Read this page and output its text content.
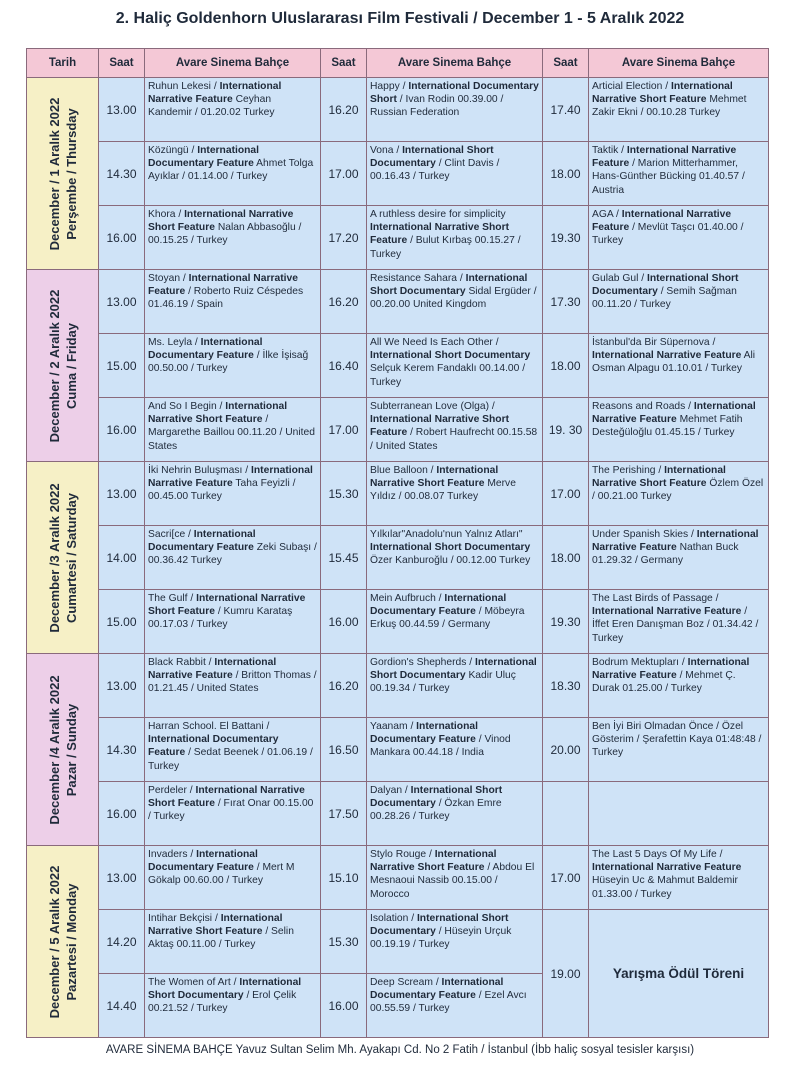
2. Haliç Goldenhorn Uluslararası Film Festivali / December 1 - 5 Aralık 2022
Tarih	Saat	Avare Sinema Bahçe	Saat	Avare Sinema Bahçe	Saat	Avare Sinema Bahçe

December / 1 Aralık 2022 Perşembe / Thursday	13.00	Ruhun Lekesi / International Narrative Feature Ceyhan Kandemir / 01.20.02 Turkey	16.20	Happy / International Documentary Short / Ivan Rodin 00.39.00 / Russian Federation	17.40	Articial Election / International Narrative Short Feature Mehmet Zakir Ekni / 00.10.28 Turkey
	14.30	Közüngü / International Documentary Feature Ahmet Tolga Ayıklar / 01.14.00 / Turkey	17.00	Vona / International Short Documentary / Clint Davis / 00.16.43 / Turkey	18.00	Taktik / International Narrative Feature / Marion Mitterhammer, Hans-Günther Bücking 01.40.57 / Austria
	16.00	Khora / International Narrative Short Feature Nalan Abbasoğlu / 00.15.25 / Turkey	17.20	A ruthless desire for simplicity International Narrative Short Feature / Bulut Kırbaş 00.15.27 / Turkey	19.30	AGA / International Narrative Feature / Mevlüt Taşcı 01.40.00 / Turkey

December / 2 Aralık 2022 Cuma / Friday	13.00	Stoyan / International Narrative Feature / Roberto Ruiz Céspedes 01.46.19 / Spain	16.20	Resistance Sahara / International Short Documentary Sidal Ergüder / 00.20.00 United Kingdom	17.30	Gulab Gul / International Short Documentary / Semih Sağman 00.11.20 / Turkey
	15.00	Ms. Leyla / International Documentary Feature / İlke İşisağ 00.50.00 / Turkey	16.40	All We Need Is Each Other / International Short Documentary Selçuk Kerem Fandaklı 00.14.00 / Turkey	18.00	İstanbul'da Bir Süpernova / International Narrative Feature Ali Osman Alpagu 01.10.01 / Turkey
	16.00	And So I Begin / International Narrative Short Feature / Margarethe Baillou 00.11.20 / United States	17.00	Subterranean Love (Olga) / International Narrative Short Feature / Robert Haufrecht 00.15.58 / United States	19. 30	Reasons and Roads / International Narrative Feature Mehmet Fatih Desteğüloğlu 01.45.15 / Turkey

December /3 Aralık 2022 Cumartesi / Saturday	13.00	İki Nehrin Buluşması / International Narrative Feature Taha Feyizli / 00.45.00 Turkey	15.30	Blue Balloon / International Narrative Short Feature Merve Yıldız / 00.08.07 Turkey	17.00	The Perishing / International Narrative Short Feature Özlem Özel / 00.21.00 Turkey
	14.00	Sacri[ce / International Documentary Feature Zeki Subaşı / 00.36.42 Turkey	15.45	Yılkılar"Anadolu'nun Yalnız Atları" International Short Documentary Özer Kanburoğlu / 00.12.00 Turkey	18.00	Under Spanish Skies / International Narrative Feature Nathan Buck 01.29.32 / Germany
	15.00	The Gulf / International Narrative Short Feature / Kumru Karataş 00.17.03 / Turkey	16.00	Mein Aufbruch / International Documentary Feature / Möbeyra Erkuş 00.44.59 / Germany	19.30	The Last Birds of Passage / International Narrative Feature / İffet Eren Danışman Boz / 01.34.42 / Turkey

December /4 Aralık 2022 Pazar / Sunday	13.00	Black Rabbit / International Narrative Feature / Britton Thomas / 01.21.45 / United States	16.20	Gordion's Shepherds / International Short Documentary Kadir Uluç 00.19.34 / Turkey	18.30	Bodrum Mektupları / International Narrative Feature / Mehmet Ç. Durak 01.25.00 / Turkey
	14.30	Harran School. El Battani / International Documentary Feature / Sedat Beenek / 01.06.19 / Turkey	16.50	Yaanam / International Documentary Feature / Vinod Mankara 00.44.18 / India	20.00	Ben İyi Biri Olmadan Önce / Özel Gösterim / Şerafettin Kaya 01:48:48 / Turkey
	16.00	Perdeler / International Narrative Short Feature / Fırat Onar 00.15.00 / Turkey	17.50	Dalyan / International Short Documentary / Özkan Emre 00.28.26 / Turkey		

December / 5 Aralık 2022 Pazartesi / Monday	13.00	Invaders / International Documentary Feature / Mert M Gökalp 00.60.00 / Turkey	15.10	Stylo Rouge / International Narrative Short Feature / Abdou El Mesnaoui Nassib 00.15.00 / Morocco	17.00	The Last 5 Days Of My Life / International Narrative Feature Hüseyin Uc & Mahmut Baldemir 01.33.00 / Turkey
	14.20	Intihar Bekçisi / International Narrative Short Feature / Selin Aktaş 00.11.00 / Turkey	15.30	Isolation / International Short Documentary / Hüseyin Urçuk 00.19.19 / Turkey	19.00	Yarışma Ödül Töreni
	14.40	The Women of Art / International Short Documentary / Erol Çelik 00.21.52 / Turkey	16.00	Deep Scream / International Documentary Feature / Ezel Avcı 00.55.59 / Turkey		
AVARE SİNEMA BAHÇE Yavuz Sultan Selim Mh. Ayakapı Cd. No 2 Fatih / İstanbul (İbb haliç sosyal tesisler karşısı)
